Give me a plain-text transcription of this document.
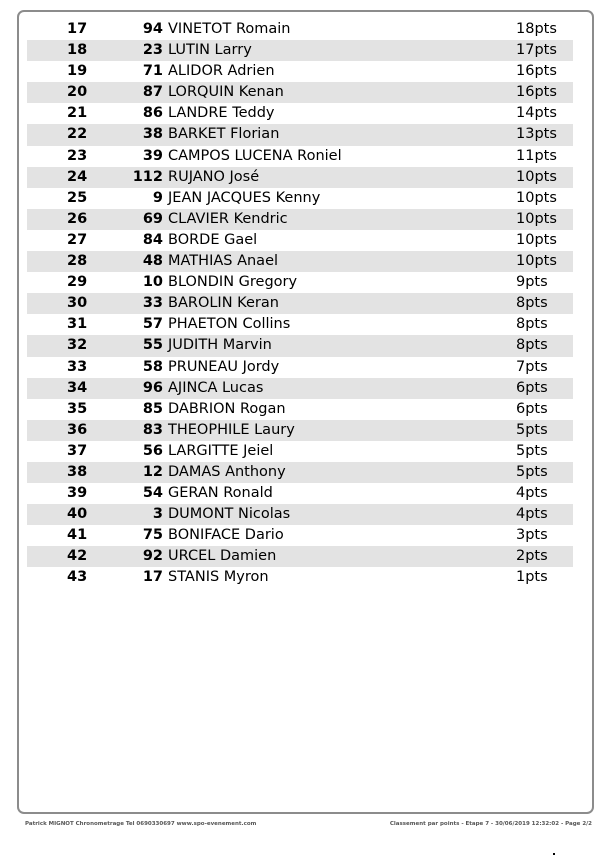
17	94 VINETOT Romain	18pts
18	23 LUTIN Larry	17pts
19	71 ALIDOR Adrien	16pts
20	87 LORQUIN Kenan	16pts
21	86 LANDRE Teddy	14pts
22	38 BARKET Florian	13pts
23	39 CAMPOS LUCENA Roniel	11pts
24	112 RUJANO José	10pts
25	9 JEAN JACQUES Kenny	10pts
26	69 CLAVIER Kendric	10pts
27	84 BORDE Gael	10pts
28	48 MATHIAS Anael	10pts
29	10 BLONDIN Gregory	9pts
30	33 BAROLIN Keran	8pts
31	57 PHAETON Collins	8pts
32	55 JUDITH Marvin	8pts
33	58 PRUNEAU Jordy	7pts
34	96 AJINCA Lucas	6pts
35	85 DABRION Rogan	6pts
36	83 THEOPHILE Laury	5pts
37	56 LARGITTE Jeiel	5pts
38	12 DAMAS Anthony	5pts
39	54 GERAN Ronald	4pts
40	3 DUMONT Nicolas	4pts
41	75 BONIFACE Dario	3pts
42	92 URCEL Damien	2pts
43	17 STANIS Myron	1pts
Patrick MIGNOT Chronometrage Tel 0690330697 www.spo-evenement.com	Classement par points - Etape 7 - 30/06/2019 12:32:02 - Page 2/2
